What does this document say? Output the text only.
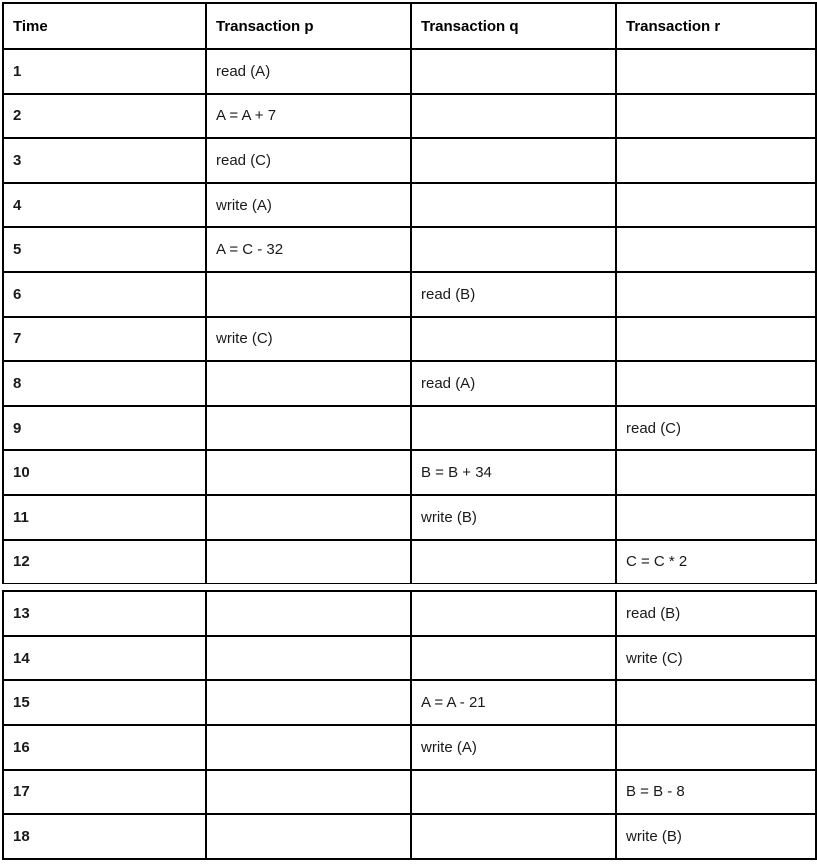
Time	Transaction p	Transaction q	Transaction r
1	read (A)		
2	A = A + 7		
3	read (C)		
4	write (A)		
5	A = C - 32		
6		read (B)	
7	write (C)		
8		read (A)	
9			read (C)
10		B = B + 34	
11		write (B)	
12			C = C * 2
13			read (B)
14			write (C)
15		A = A - 21	
16		write (A)	
17			B = B - 8
18			write (B)
